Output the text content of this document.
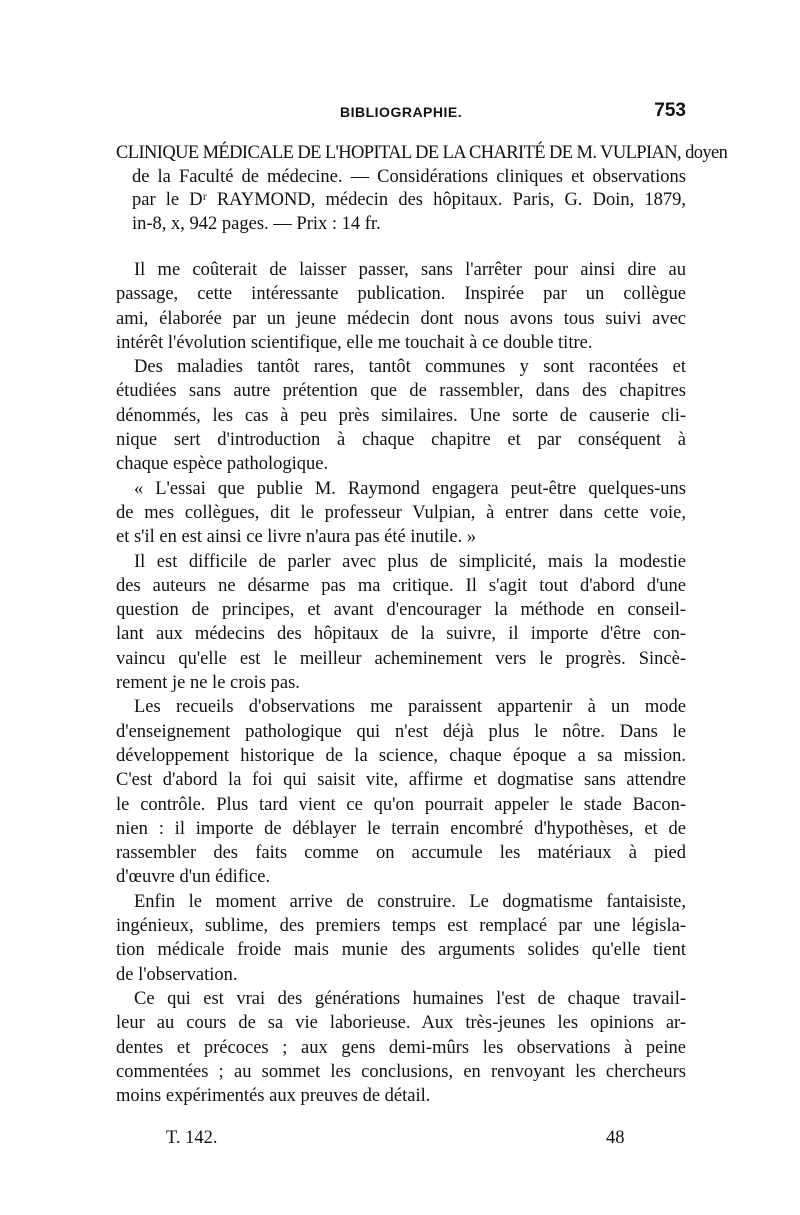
BIBLIOGRAPHIE.	753
CLINIQUE MÉDICALE DE L'HOPITAL DE LA CHARITÉ DE M. VULPIAN, doyen
de la Faculté de médecine. — Considérations cliniques et observations
par le Dʳ RAYMOND, médecin des hôpitaux. Paris, G. Doin, 1879,
in-8, x, 942 pages. — Prix : 14 fr.
Il me coûterait de laisser passer, sans l'arrêter pour ainsi dire au
passage, cette intéressante publication. Inspirée par un collègue
ami, élaborée par un jeune médecin dont nous avons tous suivi avec
intérêt l'évolution scientifique, elle me touchait à ce double titre.
Des maladies tantôt rares, tantôt communes y sont racontées et
étudiées sans autre prétention que de rassembler, dans des chapitres
dénommés, les cas à peu près similaires. Une sorte de causerie cli-
nique sert d'introduction à chaque chapitre et par conséquent à
chaque espèce pathologique.
« L'essai que publie M. Raymond engagera peut-être quelques-uns
de mes collègues, dit le professeur Vulpian, à entrer dans cette voie,
et s'il en est ainsi ce livre n'aura pas été inutile. »
Il est difficile de parler avec plus de simplicité, mais la modestie
des auteurs ne désarme pas ma critique. Il s'agit tout d'abord d'une
question de principes, et avant d'encourager la méthode en conseil-
lant aux médecins des hôpitaux de la suivre, il importe d'être con-
vaincu qu'elle est le meilleur acheminement vers le progrès. Sincè-
rement je ne le crois pas.
Les recueils d'observations me paraissent appartenir à un mode
d'enseignement pathologique qui n'est déjà plus le nôtre. Dans le
développement historique de la science, chaque époque a sa mission.
C'est d'abord la foi qui saisit vite, affirme et dogmatise sans attendre
le contrôle. Plus tard vient ce qu'on pourrait appeler le stade Bacon-
nien : il importe de déblayer le terrain encombré d'hypothèses, et de
rassembler des faits comme on accumule les matériaux à pied
d'œuvre d'un édifice.
Enfin le moment arrive de construire. Le dogmatisme fantaisiste,
ingénieux, sublime, des premiers temps est remplacé par une législa-
tion médicale froide mais munie des arguments solides qu'elle tient
de l'observation.
Ce qui est vrai des générations humaines l'est de chaque travail-
leur au cours de sa vie laborieuse. Aux très-jeunes les opinions ar-
dentes et précoces ; aux gens demi-mûrs les observations à peine
commentées ; au sommet les conclusions, en renvoyant les chercheurs
moins expérimentés aux preuves de détail.
T. 142.	48
